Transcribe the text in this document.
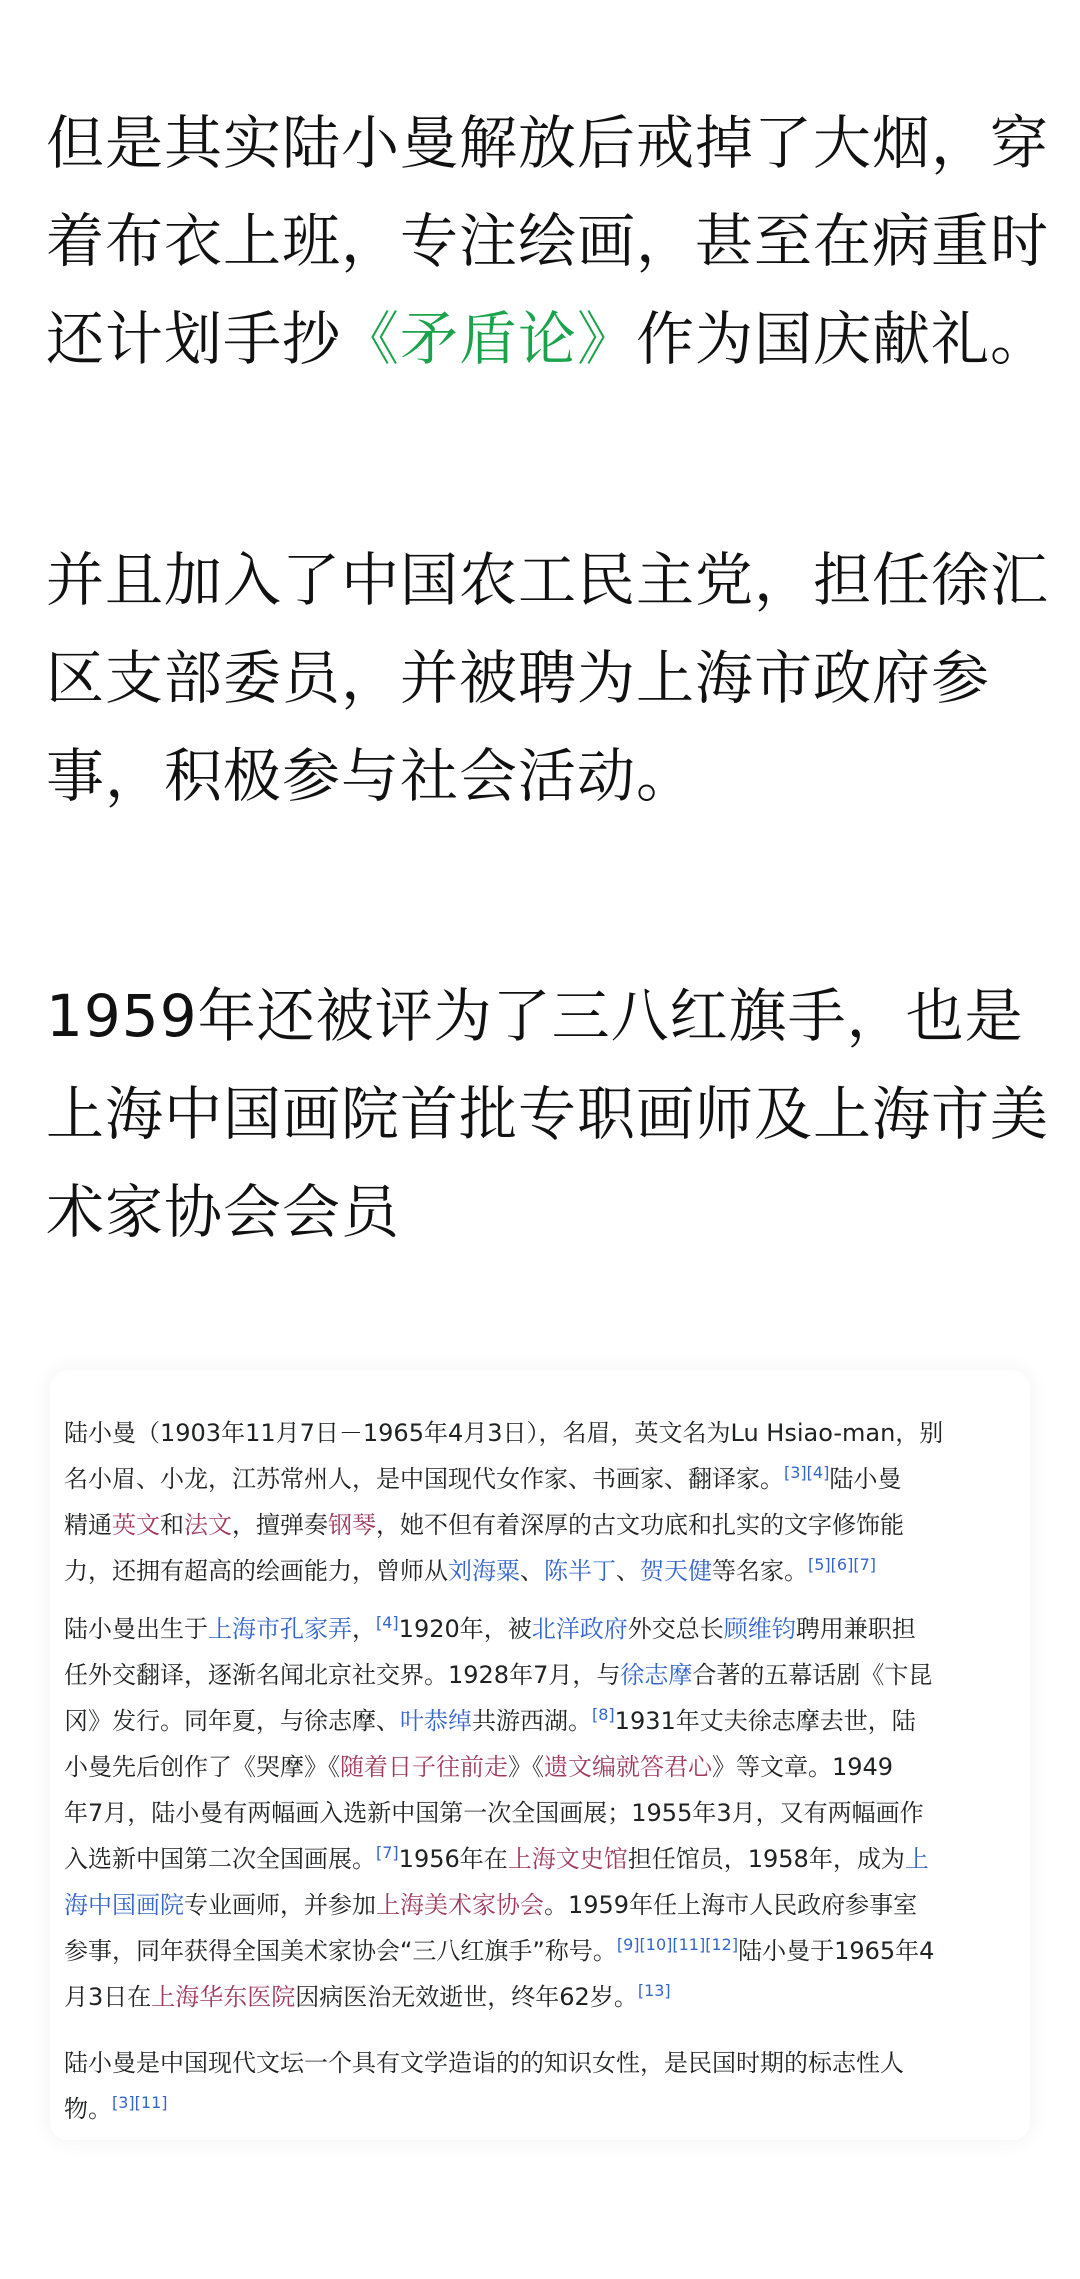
但是其实陆小曼解放后戒掉了大烟，穿
着布衣上班，专注绘画，甚至在病重时
还计划手抄《矛盾论》作为国庆献礼。
并且加入了中国农工民主党，担任徐汇
区支部委员，并被聘为上海市政府参
事，积极参与社会活动。
1959年还被评为了三八红旗手，也是
上海中国画院首批专职画师及上海市美
术家协会会员
陆小曼（1903年11月7日－1965年4月3日），名眉，英文名为Lu Hsiao-man，别
名小眉、小龙，江苏常州人，是中国现代女作家、书画家、翻译家。[3][4]陆小曼
精通英文和法文，擅弹奏钢琴，她不但有着深厚的古文功底和扎实的文字修饰能
力，还拥有超高的绘画能力，曾师从刘海粟、陈半丁、贺天健等名家。[5][6][7]
陆小曼出生于上海市孔家弄，[4]1920年，被北洋政府外交总长顾维钧聘用兼职担
任外交翻译，逐渐名闻北京社交界。1928年7月，与徐志摩合著的五幕话剧《卞昆
冈》发行。同年夏，与徐志摩、叶恭绰共游西湖。[8]1931年丈夫徐志摩去世，陆
小曼先后创作了《哭摩》《随着日子往前走》《遗文编就答君心》等文章。1949
年7月，陆小曼有两幅画入选新中国第一次全国画展；1955年3月，又有两幅画作
入选新中国第二次全国画展。[7]1956年在上海文史馆担任馆员，1958年，成为上
海中国画院专业画师，并参加上海美术家协会。1959年任上海市人民政府参事室
参事，同年获得全国美术家协会“三八红旗手”称号。[9][10][11][12]陆小曼于1965年4
月3日在上海华东医院因病医治无效逝世，终年62岁。[13]
陆小曼是中国现代文坛一个具有文学造诣的的知识女性，是民国时期的标志性人
物。[3][11]
